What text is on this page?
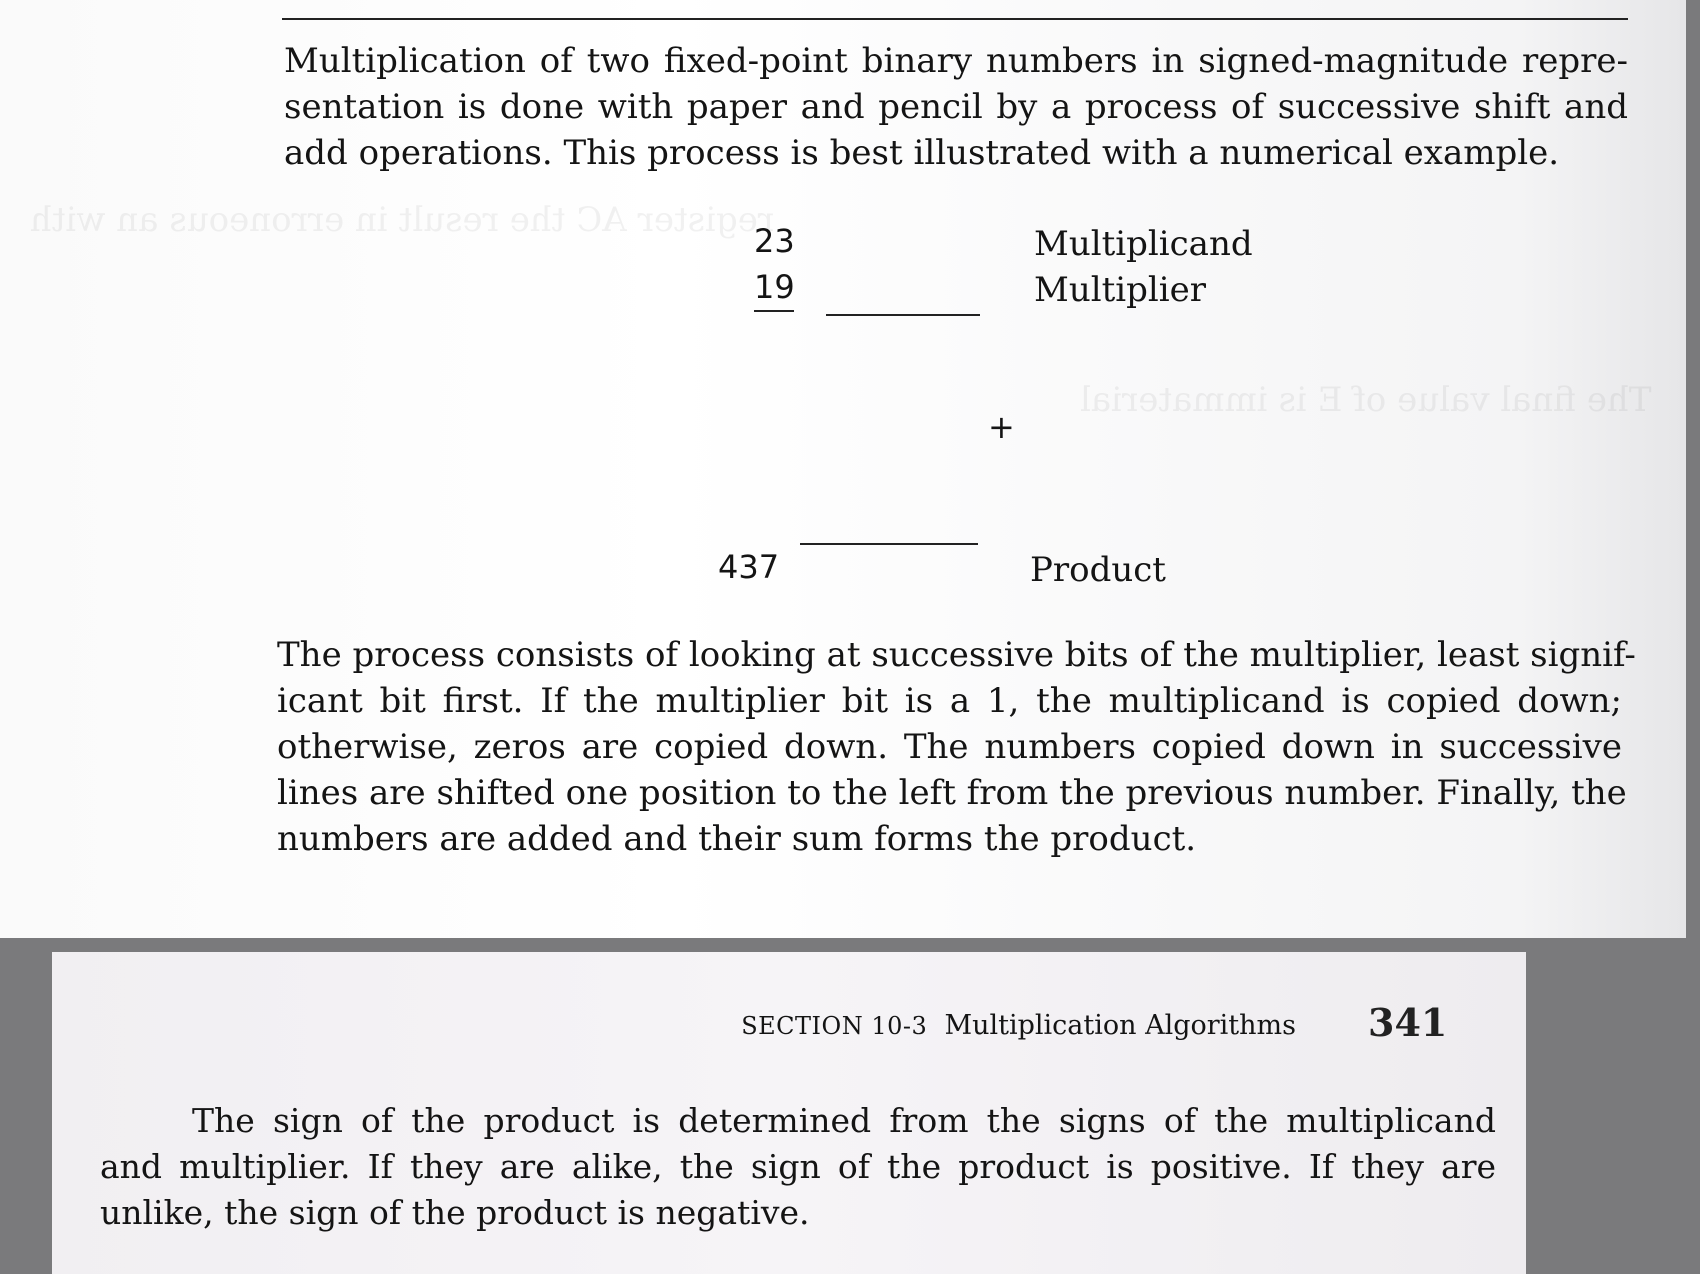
register AC the result in erroneous an with
The final value of E is immaterial
Multiplication of two fixed-point binary numbers in signed-magnitude repre-
sentation is done with paper and pencil by a process of successive shift and
add operations. This process is best illustrated with a numerical example.
23	Multiplicand
19	Multiplier
+
437	Product
The process consists of looking at successive bits of the multiplier, least signif-
icant bit first. If the multiplier bit is a 1, the multiplicand is copied down;
otherwise, zeros are copied down. The numbers copied down in successive
lines are shifted one position to the left from the previous number. Finally, the
numbers are added and their sum forms the product.
SECTION 10-3 Multiplication Algorithms 341
The sign of the product is determined from the signs of the multiplicand
and multiplier. If they are alike, the sign of the product is positive. If they are
unlike, the sign of the product is negative.
